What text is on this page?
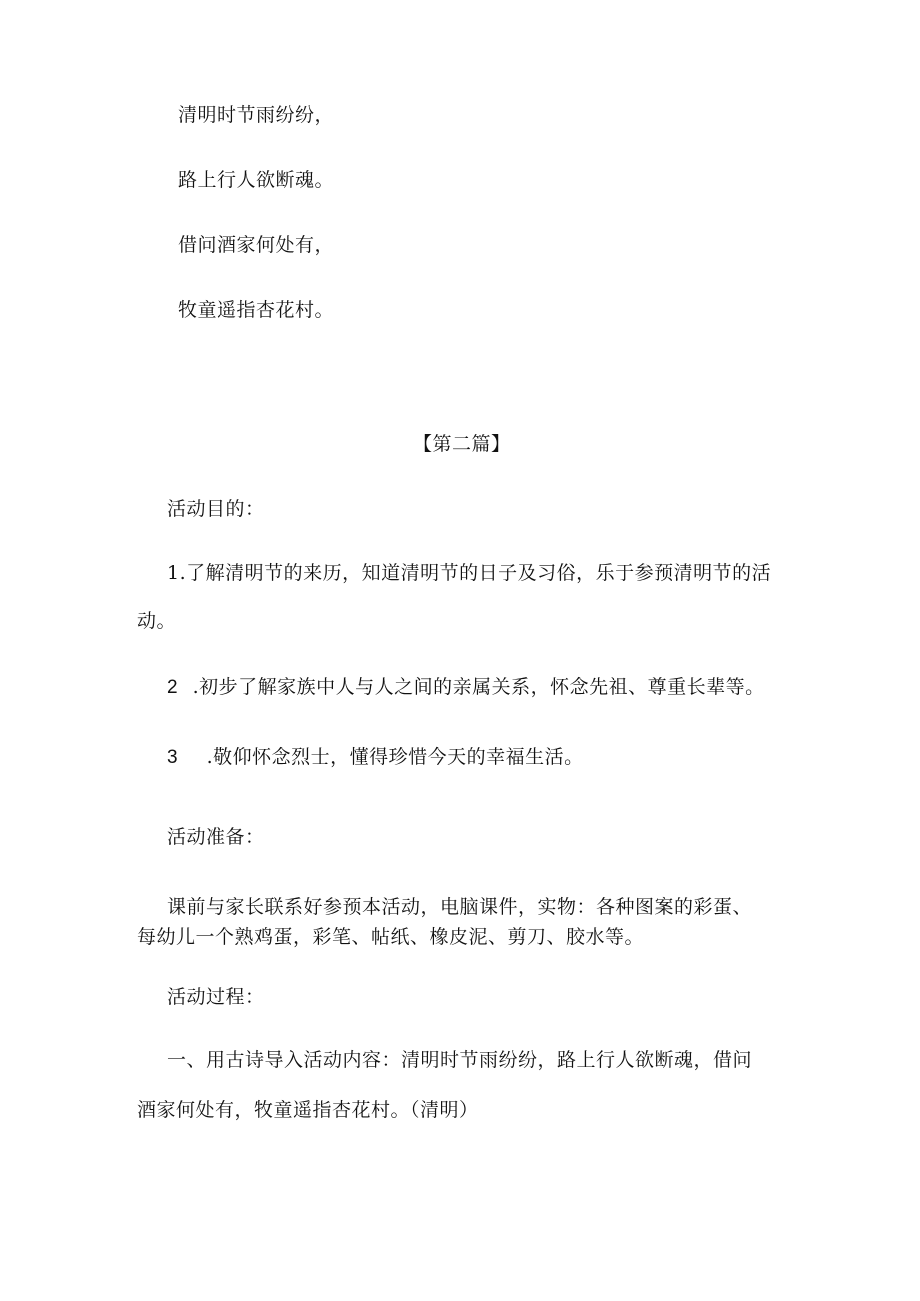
清明时节雨纷纷，

路上行人欲断魂。

借问酒家何处有，

牧童遥指杏花村。

【第二篇】

活动目的：

1.了解清明节的来历，知道清明节的日子及习俗，乐于参预清明节的活

动。

2 .初步了解家族中人与人之间的亲属关系，怀念先祖、尊重长辈等。
3 .敬仰怀念烈士，懂得珍惜今天的幸福生活。

活动准备：

课前与家长联系好参预本活动，电脑课件，实物：各种图案的彩蛋、

每幼儿一个熟鸡蛋，彩笔、帖纸、橡皮泥、剪刀、胶水等。

活动过程：

一、用古诗导入活动内容：清明时节雨纷纷，路上行人欲断魂，借问

酒家何处有，牧童遥指杏花村。（清明）
